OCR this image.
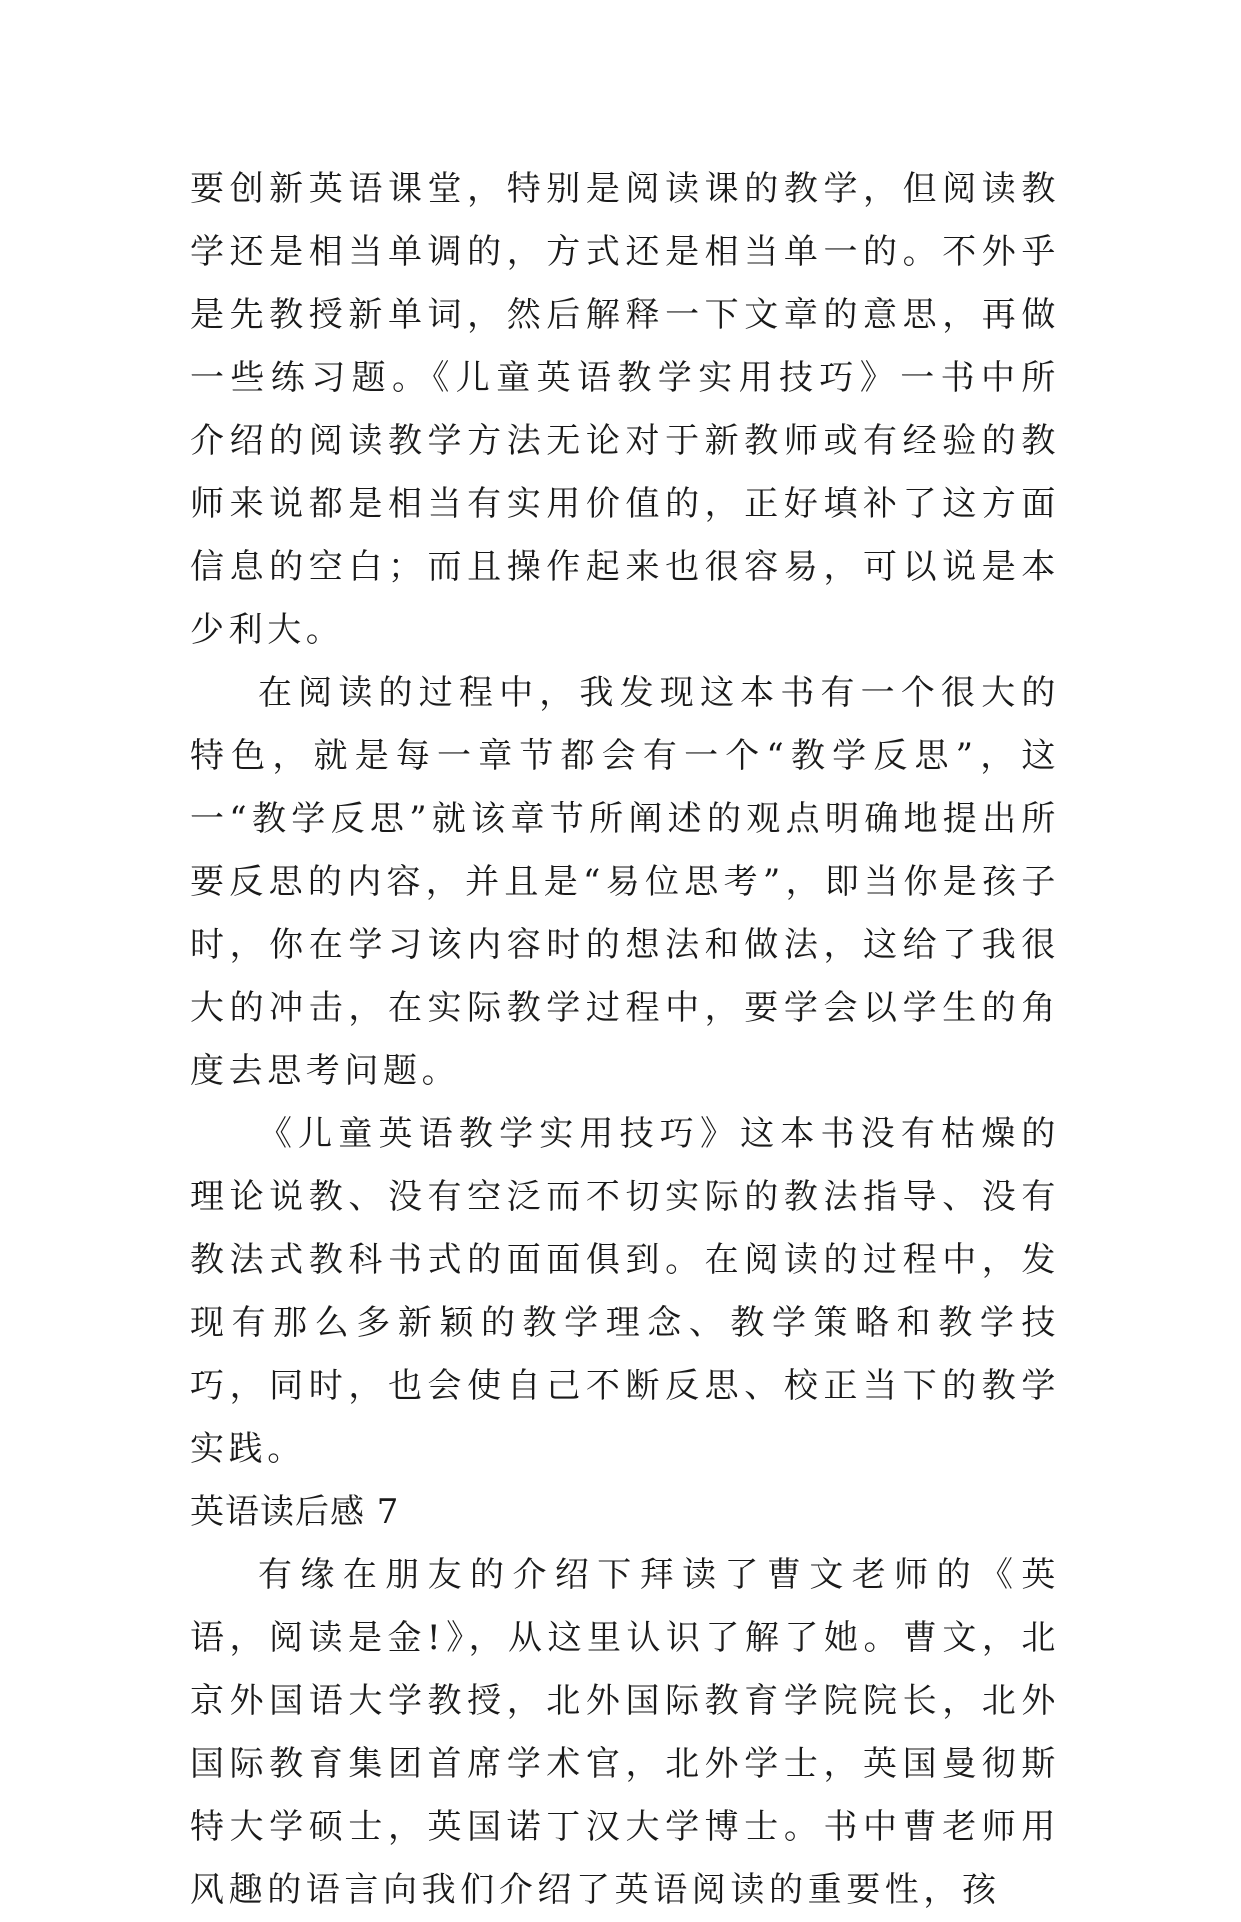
要创新英语课堂，特别是阅读课的教学，但阅读教学还是相当单调的，方式还是相当单一的。不外乎是先教授新单词，然后解释一下文章的意思，再做一些练习题。《儿童英语教学实用技巧》一书中所介绍的阅读教学方法无论对于新教师或有经验的教师来说都是相当有实用价值的，正好填补了这方面信息的空白；而且操作起来也很容易，可以说是本少利大。

在阅读的过程中，我发现这本书有一个很大的特色，就是每一章节都会有一个“教学反思”，这一“教学反思”就该章节所阐述的观点明确地提出所要反思的内容，并且是“易位思考”，即当你是孩子时，你在学习该内容时的想法和做法，这给了我很大的冲击，在实际教学过程中，要学会以学生的角度去思考问题。

《儿童英语教学实用技巧》这本书没有枯燥的理论说教、没有空泛而不切实际的教法指导、没有教法式教科书式的面面俱到。在阅读的过程中，发现有那么多新颖的教学理念、教学策略和教学技巧，同时，也会使自己不断反思、校正当下的教学实践。

英语读后感 7

有缘在朋友的介绍下拜读了曹文老师的《英语，阅读是金!》，从这里认识了解了她。曹文，北京外国语大学教授，北外国际教育学院院长，北外国际教育集团首席学术官，北外学士，英国曼彻斯特大学硕士，英国诺丁汉大学博士。书中曹老师用风趣的语言向我们介绍了英语阅读的重要性，孩
